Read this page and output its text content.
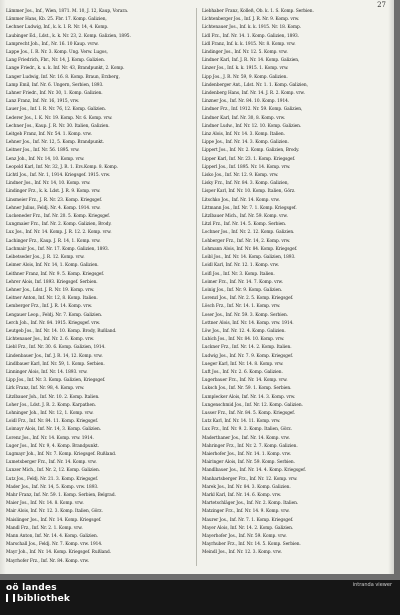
27
Lämmer Jos., Inf., Wien, 1871. M. 10, J. 12, Kaup, Vorara.
Lämmer Hans, Kb. 25. Fbr. 17. Komp. Galizien,
Lechner Ludwig, Inf., k. k. I. R. Nr. 14, 4. Komp.
Laubinger Ed., Ldst., k. k. Nr. 23, 2. Komp. Galizien, 1895.
Lamprecht Joh., Inf., Nr. 16. 10 Kaup. vvrw.
Lappe Jos., I. R. Nr. 3. Komp. Ung. Verw. Lugos,
Lang Friedrich, Fbr., Nr. 14, J. Komp. Galizien.
Lange Friedr., k. u. k. Inf. Nr. 43, Brandpunkt, 2. Komp.
Langer Ludwig, Inf. Nr. 16. 8. Komp. Braun, Erzberg,
Lamp Emil, Inf. Nr. 6. Ungern, Serbien, 1893.
Lahner Friedr., Inf. Nr. 30, 1. Komp. Galizien.
Lanz Franz, Inf. Nr. 16, 1915, vrw.
Lauer Jos., Inf. I. R. Nr. 76, 12. Komp. Galizien.
Lederer Jos., I. K. Nr. 19. Komp. Nr. 6. Komp. vrw.
Lechner Jos., Kaup. J. R. Nr. 30. Italien, Galizien.
Leitgeb Franz, Inf. Nr. 54. 1. Komp. vrw.
Lehner Jos., Inf. Nr. 12, 5. Komp. Brandpunkt.
Leitner Jos., Inf. Nr. 56. 1895. vrw.
Lenz Joh., Inf. Nr. 14, 10. Komp. vrw.
Leopold Karl, Inf. Nr. 32, J. R. 1. Ers.Komp. 8. Komp.
Lichtl Jos., Inf. Nr. 1, 1914. Kriegsgef. 1915. vrw.
Lindner Jos., Inf. Nr. 14, 10. Komp. vrw.
Lindinger Frz., k. k. Ldst. J. R. 9. Komp. vrw.
Linsmeier Frz., J. R. Nr. 23. Komp. Kriegsgef.
Lehner Julius, Feldj. Nr. 4. Komp. 1914. vrw.
Luckeneder Frz., Inf. Nr. 20. 5. Komp. Kriegsgef.
Lungmaier Frz., Inf. Nr. 2. Komp. Galizien, Brody.
Lux Jos., Inf. Nr. 14. Komp. J. R. 12. 2. Komp. vrw.
Lachinger Frz., Kaup. J. R. 14, 1. Komp. vrw.
Lachmair Jos., Inf. Nr. 17. Komp. Galizien, 1893.
Leibetseder Jos., J. R. 12. Komp. vrw.
Leimer Alois, Inf. Nr. 14, 1. Komp. Galizien.
Leithner Franz, Inf. Nr. 9. 5. Komp. Kriegsgef.
Lehrer Alois, Inf. 1893. Kriegsgef. Serbien.
Lehner Jos., Ldst. J. R. Nr. 19. Komp. vrw.
Leitner Anton, Inf. Nr. 12, 8. Komp. Italien.
Lemberger Frz., Inf. J. R. 14. Komp. vrw.
Lengauer Leop., Feldj. Nr. 7. Komp. Galizien.
Lerch Joh., Inf. Nr. 84. 1915. Kriegsgef. vrw.
Leutgeb Jos., Inf. Nr. 14. 10. Komp. Brody, Rußland.
Lichtenauer Jos., Inf. Nr. 2. 6. Komp. vrw.
Liebl Frz., Inf. Nr. 30. 6. Komp. Galizien, 1914.
Lindenbauer Jos., Inf. J. R. 14, 12. Komp. vrw.
Lindlbauer Karl, Inf. Nr. 59, 1. Komp. Serbien.
Linninger Alois, Inf. Nr. 14. 1893. vrw.
Lipp Jos., Inf. Nr. 3. Komp. Galizien, Kriegsgef.
Lirk Franz, Inf. Nr. 98, 4. Komp. vrw.
Litzlbauer Joh., Inf. Nr. 10. 2. Komp. Italien.
Loher Jos., Ldst. J. R. 2. Komp. Karpathen.
Lohninger Joh., Inf. Nr. 12, 1. Komp. vrw.
Loidl Frz., Inf. Nr. 84. 11. Komp. Kriegsgef.
Loimayr Alois, Inf. Nr. 14, 3. Komp. Galizien.
Lorenz Jos., Inf. Nr. 14. Komp. vrw. 1914.
Luger Jos., Inf. Nr. 9, 4. Komp. Brandpunkt.
Lugmayr Joh., Inf. Nr. 7. Komp. Kriegsgef. Rußland.
Lumetsberger Frz., Inf. Nr. 14. Komp. vrw.
Lunzer Mich., Inf. Nr. 2, 12. Komp. Galizien.
Lutz Jos., Feldj. Nr. 21. 3. Komp. Kriegsgef.
Mader Jos., Inf. Nr. 14, 5. Komp. vrw. 1893.
Mahr Franz, Inf. Nr. 59. 1. Komp. Serbien, Belgrad.
Maier Jos., Inf. Nr. 14. 8. Komp. vrw.
Mair Alois, Inf. Nr. 12. 3. Komp. Italien, Görz.
Maislinger Jos., Inf. Nr. 14. Komp. Kriegsgef.
Mandl Frz., Inf. Nr. 2. 1. Komp. vrw.
Mann Anton, Inf. Nr. 14. 4. Komp. Galizien.
Marschall Jos., Feldj. Nr. 7. Komp. vrw. 1914.
Mayr Joh., Inf. Nr. 14. Komp. Kriegsgef. Rußland.
Mayrhofer Frz., Inf. Nr. 84. Komp. vrw.
Liebhaber Franz, Kolleß, Ob. k. 1. S. Komp. Serbien.
Lichtenberger Jos., Inf. J. R. Nr. 9. Komp. vrw.
Lichtenauer Jos., Inf. k. k. 1915. Nr. 18. Komp.
Lidl Frz., Inf. Nr. 14. 1. Komp. Galizien, 1893.
Lidl Franz, Inf. k. k. 1915. Nr. 8. Komp. vrw.
Lindinger Jos., Inf. Nr. 12. 5. Komp. vrw.
Lindner Karl, Inf. J. R. Nr. 14. Komp. Galizien,
Linzer Jos., Inf. k. k. 1915. 1. Komp. vrw.
Lipp Jos., J. R. Nr. 59, 9. Komp. Galizien.
Lindenberger Ant., Ldst. Nr. 1. 1. Komp. Galizien,
Lindenberg Hans, Inf. Nr. 14. J. R. 2. Komp. vrw.
Linzner Jos., Inf. Nr. 84. 10. Komp. 1914.
Lindner Frz., Inf. 1912. Nr. 59. Komp. Galizien,
Lindner Karl, Inf. Nr. 30, 8. Komp. vrw.
Lindner Ludw., Inf. Nr. 12. 10. Komp. Galizien.
Linz Alois, Inf. Nr. 14. 3. Komp. Italien.
Lippe Jos., Inf. Nr. 14. 3. Komp. Galizien.
Lippert Jos., Inf. Nr. 2. Komp. Galizien, Brody.
Lipper Karl, Inf. Nr. 23. 1. Komp. Kriegsgef.
Lipperl Jos., Inf. 1895. Nr. 14. Komp. vrw.
Lisko Jos., Inf. Nr. 12. 9. Komp. vrw.
Lisky Frz., Inf. Nr. 84. 3. Komp. Galizien,
Lisper Karl, Inf. Nr. 10. Komp. Italien, Görz.
Litschko Jos., Inf. Nr. 14. Komp. vrw.
Littmann Jos., Inf. Nr. 7. 1. Komp. Kriegsgef.
Litzlbauer Mich., Inf. Nr. 59. Komp. vrw.
Litzl Frz., Inf. Nr. 14. 5. Komp. Serbien.
Lochner Jos., Inf. Nr. 2. 12. Komp. Galizien.
Lohberger Frz., Inf. Nr. 14, 2. Komp. vrw.
Lohmann Alois, Inf. Nr. 84. Komp. Kriegsgef.
Loibl Jos., Inf. Nr. 14. Komp. Galizien, 1893.
Loidl Karl, Inf. Nr. 12. 1. Komp. vrw.
Loifl Jos., Inf. Nr. 3. Komp. Italien.
Loimer Frz., Inf. Nr. 14. 7. Komp. vrw.
Loinig Jos., Inf. Nr. 9. Komp. Galizien.
Lorenzl Jos., Inf. Nr. 2. 5. Komp. Kriegsgef.
Lösch Frz., Inf. Nr. 14. 1. Komp. vrw.
Loser Jos., Inf. Nr. 59. 3. Komp. Serbien.
Lottner Alois, Inf. Nr. 14. Komp. vrw. 1914.
Löw Jos., Inf. Nr. 12. 4. Komp. Galizien.
Lubich Jos., Inf. Nr. 84. 10. Komp. vrw.
Luckner Frz., Inf. Nr. 14. 2. Komp. Italien.
Ludwig Jos., Inf. Nr. 7. 9. Komp. Kriegsgef.
Lueger Karl, Inf. Nr. 14. 8. Komp. vrw.
Luft Jos., Inf. Nr. 2. 6. Komp. Galizien.
Lugerbauer Frz., Inf. Nr. 14. Komp. vrw.
Luksch Jos., Inf. Nr. 59. 1. Komp. Serbien.
Lumplecker Alois, Inf. Nr. 14. 3. Komp. vrw.
Lungenschmid Jos., Inf. Nr. 12. Komp. Galizien.
Lusser Frz., Inf. Nr. 84. 5. Komp. Kriegsgef.
Lutz Karl, Inf. Nr. 14. 11. Komp. vrw.
Lux Frz., Inf. Nr. 9. 2. Komp. Italien, Görz.
Maderthaner Jos., Inf. Nr. 14. Komp. vrw.
Mahringer Frz., Inf. Nr. 2. 7. Komp. Galizien.
Maierhofer Jos., Inf. Nr. 14. 1. Komp. vrw.
Mairinger Alois, Inf. Nr. 59. Komp. Serbien.
Mandlbauer Jos., Inf. Nr. 14. 4. Komp. Kriegsgef.
Manhartsberger Frz., Inf. Nr. 12. Komp. vrw.
Marek Jos., Inf. Nr. 84. 3. Komp. Galizien.
Markl Karl, Inf. Nr. 14. 6. Komp. vrw.
Martetschläger Jos., Inf. Nr. 2. Komp. Italien.
Matzinger Frz., Inf. Nr. 14. 9. Komp. vrw.
Maurer Jos., Inf. Nr. 7. 1. Komp. Kriegsgef.
Mayer Alois, Inf. Nr. 14. 2. Komp. Galizien.
Mayerhofer Jos., Inf. Nr. 59. Komp. vrw.
Mayrhuber Frz., Inf. Nr. 14. 5. Komp. Serbien.
Meindl Jos., Inf. Nr. 12. 3. Komp. vrw.
oö landes
bibliothek
intranda viewer
